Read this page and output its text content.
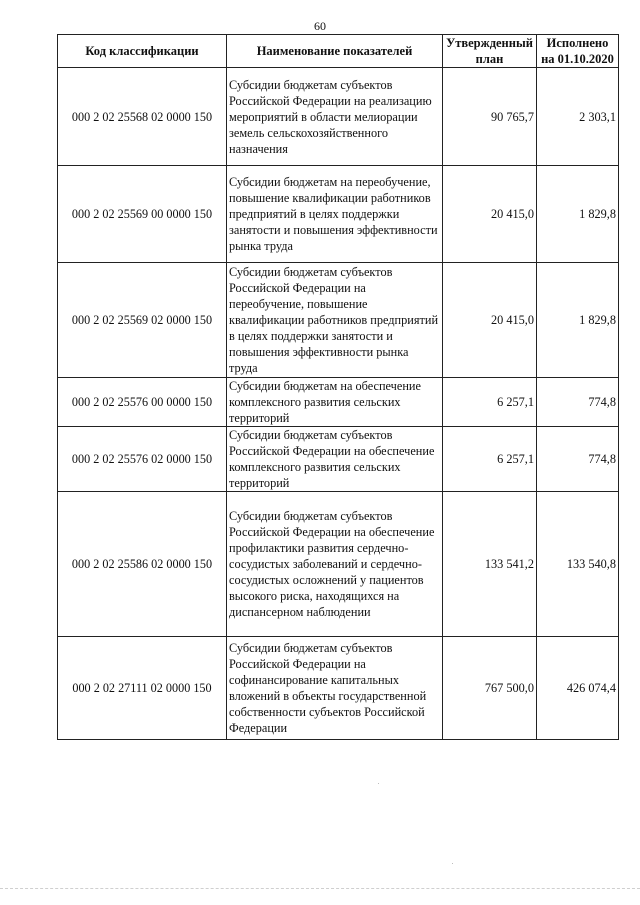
60
Код классификации	Наименование показателей	Утвержденный план	Исполнено на 01.10.2020
000 2 02 25568 02 0000 150	Субсидии бюджетам субъектов Российской Федерации на реализацию мероприятий в области мелиорации земель сельскохозяйственного назначения	90 765,7	2 303,1
000 2 02 25569 00 0000 150	Субсидии бюджетам на переобучение, повышение квалификации работников предприятий в целях поддержки занятости и повышения эффективности рынка труда	20 415,0	1 829,8
000 2 02 25569 02 0000 150	Субсидии бюджетам субъектов Российской Федерации на переобучение, повышение квалификации работников предприятий в целях поддержки занятости и повышения эффективности рынка труда	20 415,0	1 829,8
000 2 02 25576 00 0000 150	Субсидии бюджетам на обеспечение комплексного развития сельских территорий	6 257,1	774,8
000 2 02 25576 02 0000 150	Субсидии бюджетам субъектов Российской Федерации на обеспечение комплексного развития сельских территорий	6 257,1	774,8
000 2 02 25586 02 0000 150	Субсидии бюджетам субъектов Российской Федерации на обеспечение профилактики развития сердечно-сосудистых заболеваний и сердечно-сосудистых осложнений у пациентов высокого риска, находящихся на диспансерном наблюдении	133 541,2	133 540,8
000 2 02 27111 02 0000 150	Субсидии бюджетам субъектов Российской Федерации на софинансирование капитальных вложений в объекты государственной собственности субъектов Российской Федерации	767 500,0	426 074,4
